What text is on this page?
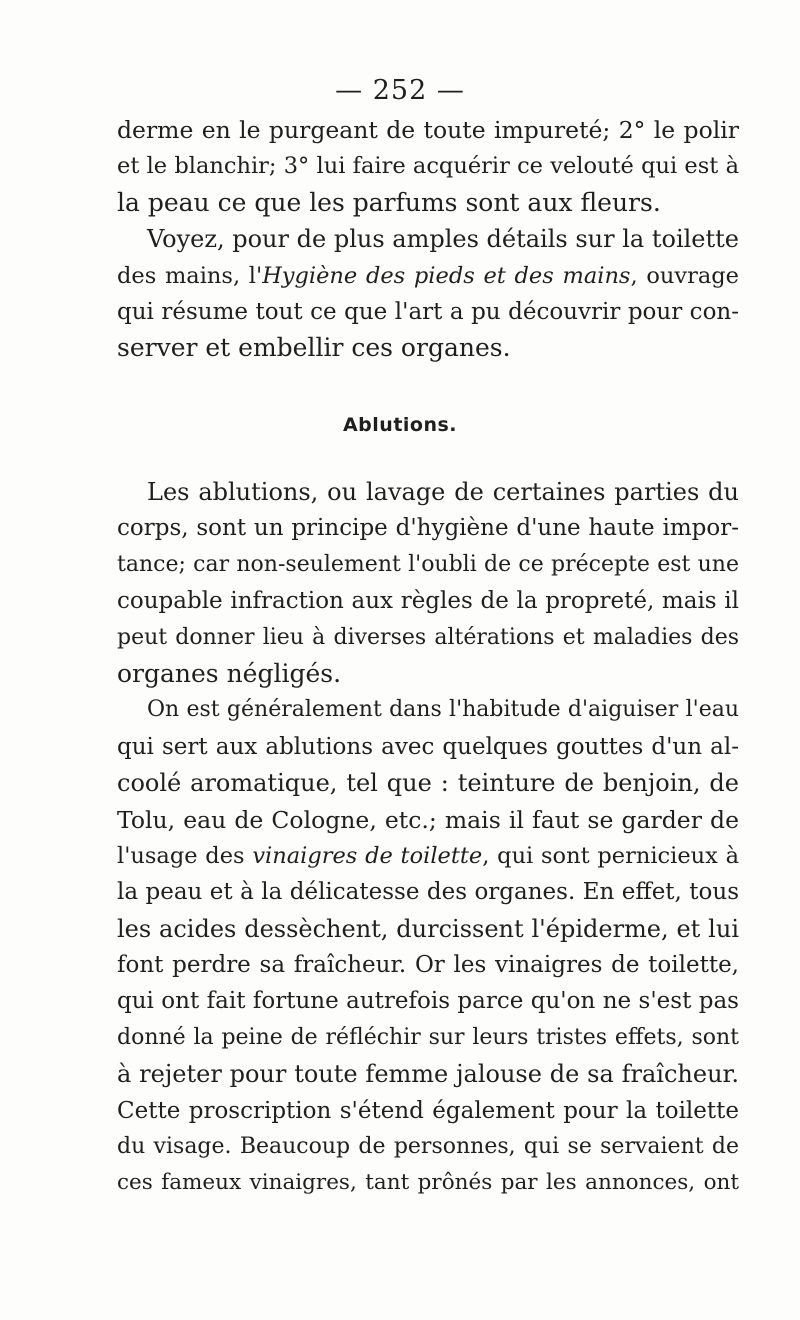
— 252 —
derme en le purgeant de toute impureté; 2° le polir
et le blanchir; 3° lui faire acquérir ce velouté qui est à
la peau ce que les parfums sont aux fleurs.
Voyez, pour de plus amples détails sur la toilette
des mains, l'Hygiène des pieds et des mains, ouvrage
qui résume tout ce que l'art a pu découvrir pour con-
server et embellir ces organes.
Ablutions.
Les ablutions, ou lavage de certaines parties du
corps, sont un principe d'hygiène d'une haute impor-
tance; car non-seulement l'oubli de ce précepte est une
coupable infraction aux règles de la propreté, mais il
peut donner lieu à diverses altérations et maladies des
organes négligés.
On est généralement dans l'habitude d'aiguiser l'eau
qui sert aux ablutions avec quelques gouttes d'un al-
coolé aromatique, tel que : teinture de benjoin, de
Tolu, eau de Cologne, etc.; mais il faut se garder de
l'usage des vinaigres de toilette, qui sont pernicieux à
la peau et à la délicatesse des organes. En effet, tous
les acides dessèchent, durcissent l'épiderme, et lui
font perdre sa fraîcheur. Or les vinaigres de toilette,
qui ont fait fortune autrefois parce qu'on ne s'est pas
donné la peine de réfléchir sur leurs tristes effets, sont
à rejeter pour toute femme jalouse de sa fraîcheur.
Cette proscription s'étend également pour la toilette
du visage. Beaucoup de personnes, qui se servaient de
ces fameux vinaigres, tant prônés par les annonces, ont
